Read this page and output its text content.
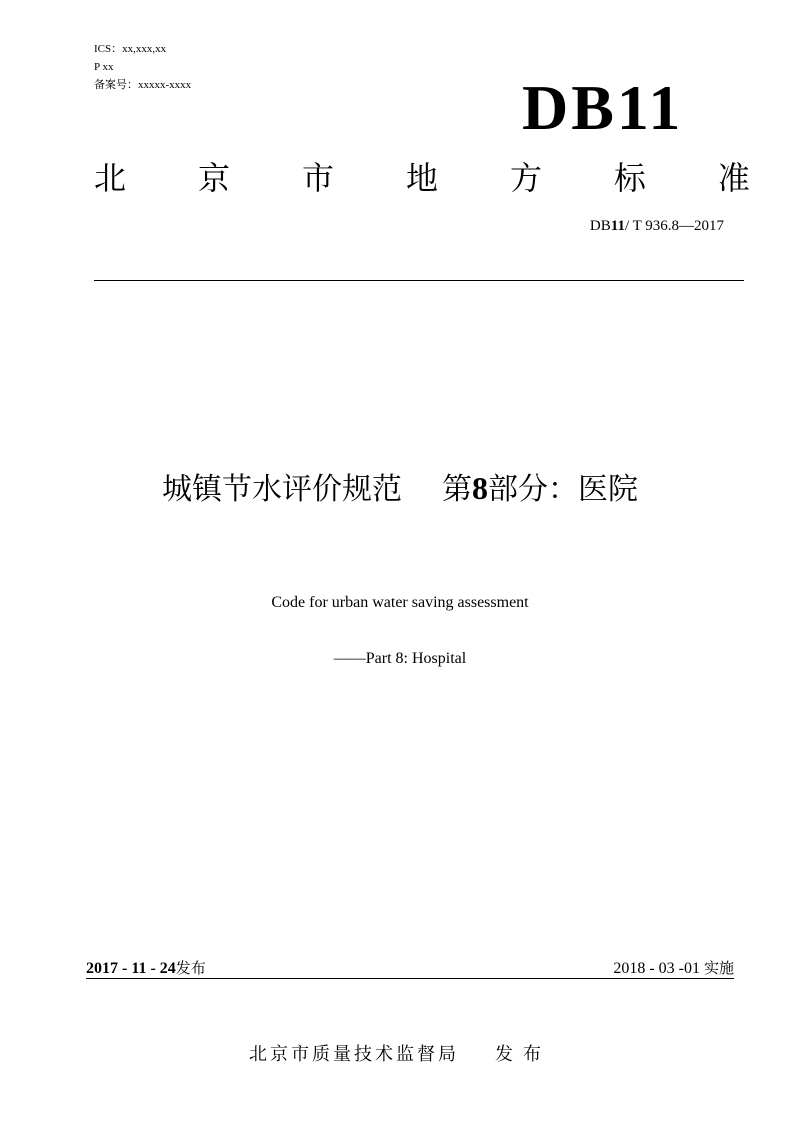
ICS：xx,xxx,xx
P xx
备案号：xxxxx-xxxx	DB11
北 京 市 地 方 标 准
DB11/ T 936.8—2017
城镇节水评价规范 第8部分：医院
Code for urban water saving assessment
——Part 8: Hospital
2017 - 11 - 24发布	2018 - 03 -01 实施
北京市质量技术监督局 发布
